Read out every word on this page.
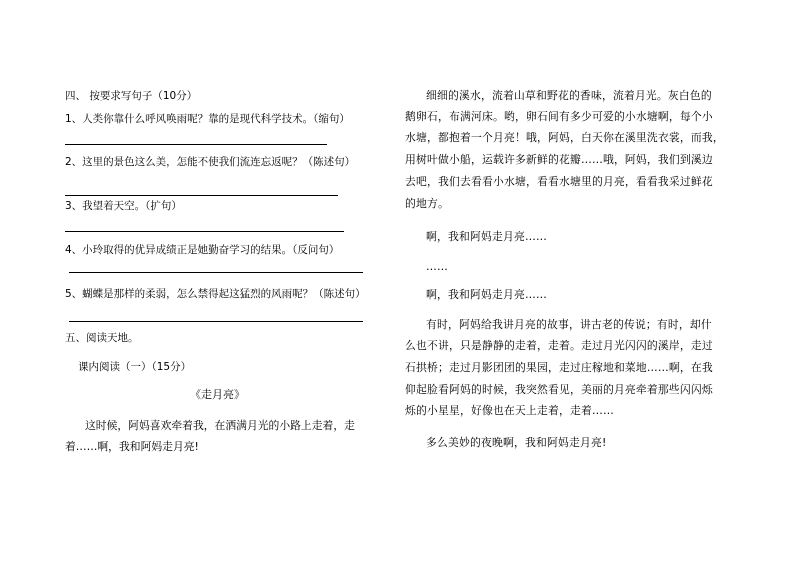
四、 按要求写句子（10分）
1、人类你靠什么呼风唤雨呢？靠的是现代科学技术。（缩句）
2、这里的景色这么美，怎能不使我们流连忘返呢？（陈述句）
3、我望着天空。（扩句）
4、小玲取得的优异成绩正是她勤奋学习的结果。（反问句）
5、蝴蝶是那样的柔弱，怎么禁得起这猛烈的风雨呢？（陈述句）
五、阅读天地。
课内阅读（一）（15分）
《走月亮》
这时候，阿妈喜欢牵着我，在洒满月光的小路上走着，走
着……啊，我和阿妈走月亮!
细细的溪水，流着山草和野花的香味，流着月光。灰白色的
鹅卵石，布满河床。哟，卵石间有多少可爱的小水塘啊，每个小
水塘，都抱着一个月亮！哦，阿妈，白天你在溪里洗衣裳，而我，
用树叶做小船，运载许多新鲜的花瓣……哦，阿妈，我们到溪边
去吧，我们去看看小水塘，看看水塘里的月亮，看看我采过鲜花
的地方。
啊，我和阿妈走月亮……
……
啊，我和阿妈走月亮……
有时，阿妈给我讲月亮的故事，讲古老的传说；有时，却什
么也不讲，只是静静的走着，走着。走过月光闪闪的溪岸，走过
石拱桥；走过月影团团的果园，走过庄稼地和菜地……啊，在我
仰起脸看阿妈的时候，我突然看见，美丽的月亮牵着那些闪闪烁
烁的小星星，好像也在天上走着，走着……
多么美妙的夜晚啊，我和阿妈走月亮!
